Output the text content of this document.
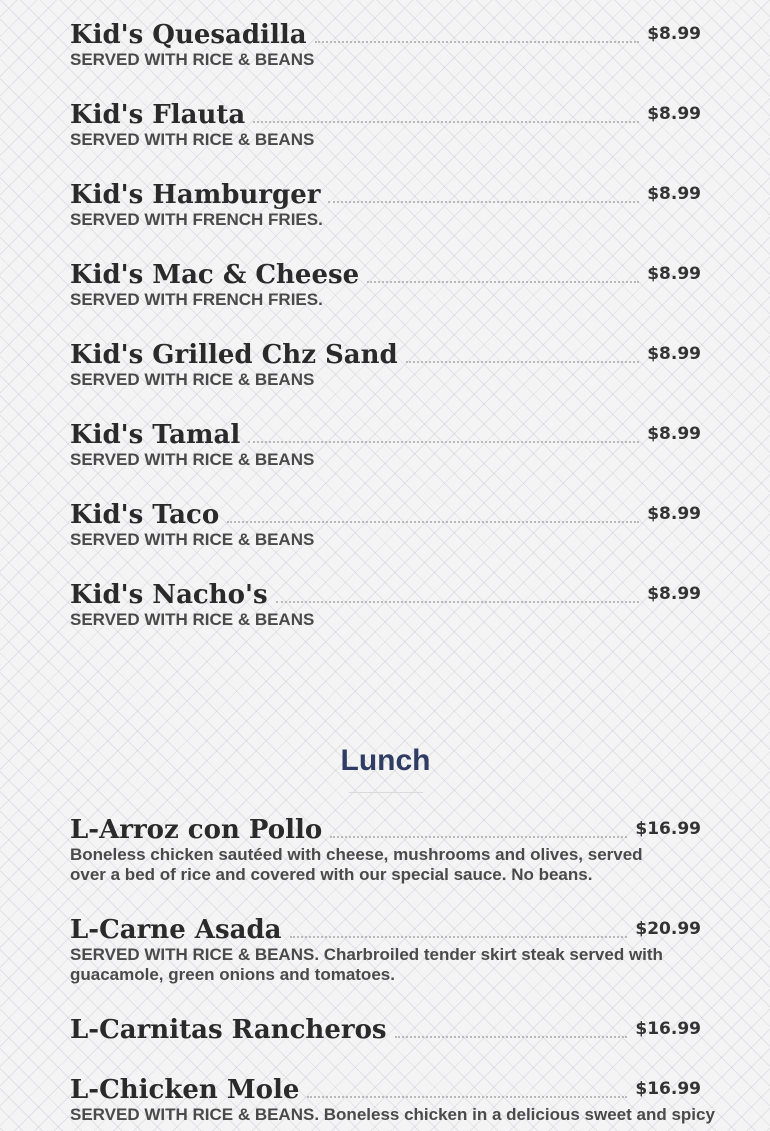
Kid's Quesadilla	$8.99
SERVED WITH RICE & BEANS
Kid's Flauta	$8.99
SERVED WITH RICE & BEANS
Kid's Hamburger	$8.99
SERVED WITH FRENCH FRIES.
Kid's Mac & Cheese	$8.99
SERVED WITH FRENCH FRIES.
Kid's Grilled Chz Sand	$8.99
SERVED WITH RICE & BEANS
Kid's Tamal	$8.99
SERVED WITH RICE & BEANS
Kid's Taco	$8.99
SERVED WITH RICE & BEANS
Kid's Nacho's	$8.99
SERVED WITH RICE & BEANS
Lunch
L-Arroz con Pollo	$16.99
Boneless chicken sautéed with cheese, mushrooms and olives, served over a bed of rice and covered with our special sauce. No beans.
L-Carne Asada	$20.99
SERVED WITH RICE & BEANS. Charbroiled tender skirt steak served with guacamole, green onions and tomatoes.
L-Carnitas Rancheros	$16.99
L-Chicken Mole	$16.99
SERVED WITH RICE & BEANS. Boneless chicken in a delicious sweet and spicy
